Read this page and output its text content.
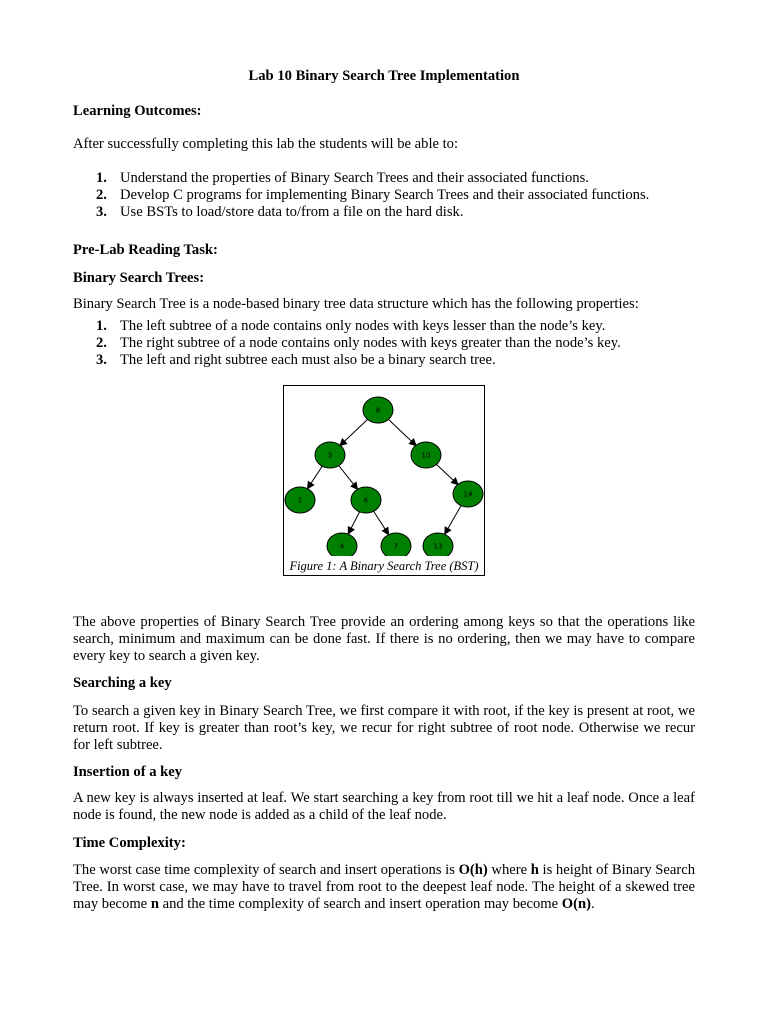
Lab 10 Binary Search Tree Implementation
Learning Outcomes:
After successfully completing this lab the students will be able to:
1. Understand the properties of Binary Search Trees and their associated functions.
2. Develop C programs for implementing Binary Search Trees and their associated functions.
3. Use BSTs to load/store data to/from a file on the hard disk.
Pre-Lab Reading Task:
Binary Search Trees:
Binary Search Tree is a node-based binary tree data structure which has the following properties:
1. The left subtree of a node contains only nodes with keys lesser than the node’s key.
2. The right subtree of a node contains only nodes with keys greater than the node’s key.
3. The left and right subtree each must also be a binary search tree.
The above properties of Binary Search Tree provide an ordering among keys so that the operations like search, minimum and maximum can be done fast. If there is no ordering, then we may have to compare every key to search a given key.
Searching a key
To search a given key in Binary Search Tree, we first compare it with root, if the key is present at root, we return root. If key is greater than root’s key, we recur for right subtree of root node. Otherwise we recur for left subtree.
Insertion of a key
A new key is always inserted at leaf. We start searching a key from root till we hit a leaf node. Once a leaf node is found, the new node is added as a child of the leaf node.
Time Complexity:
The worst case time complexity of search and insert operations is O(h) where h is height of Binary Search Tree. In worst case, we may have to travel from root to the deepest leaf node. The height of a skewed tree may become n and the time complexity of search and insert operation may become O(n).
8
3	10
1	6
14
4	7	13
Figure 1: A Binary Search Tree (BST)
